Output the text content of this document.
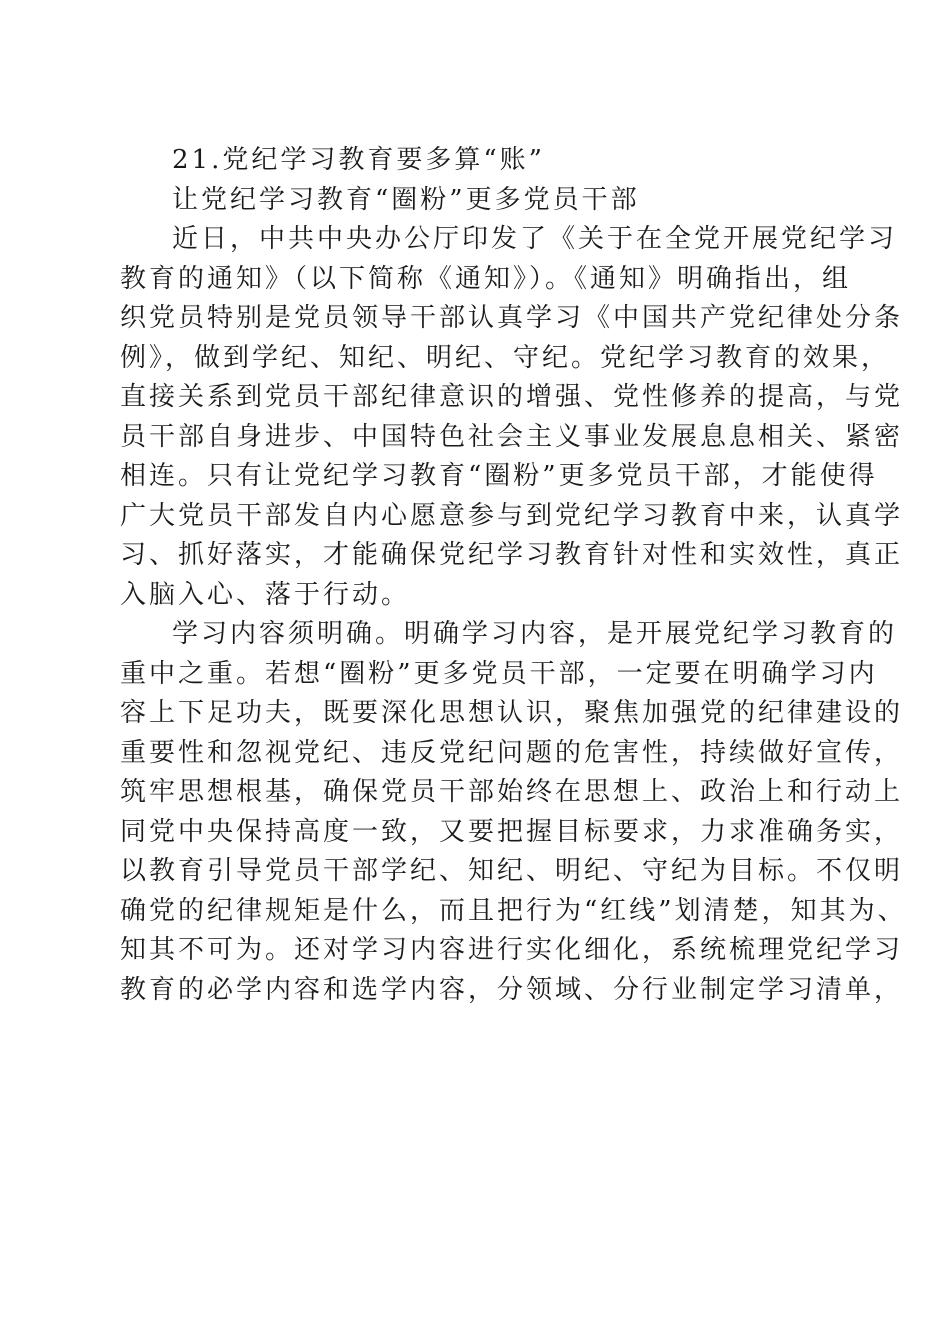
21.党纪学习教育要多算“账”
让党纪学习教育“圈粉”更多党员干部
近日，中共中央办公厅印发了《关于在全党开展党纪学习
教育的通知》（以下简称《通知》）。《通知》明确指出，组
织党员特别是党员领导干部认真学习《中国共产党纪律处分条
例》，做到学纪、知纪、明纪、守纪。党纪学习教育的效果，
直接关系到党员干部纪律意识的增强、党性修养的提高，与党
员干部自身进步、中国特色社会主义事业发展息息相关、紧密
相连。只有让党纪学习教育“圈粉”更多党员干部，才能使得
广大党员干部发自内心愿意参与到党纪学习教育中来，认真学
习、抓好落实，才能确保党纪学习教育针对性和实效性，真正
入脑入心、落于行动。
学习内容须明确。明确学习内容，是开展党纪学习教育的
重中之重。若想“圈粉”更多党员干部，一定要在明确学习内
容上下足功夫，既要深化思想认识，聚焦加强党的纪律建设的
重要性和忽视党纪、违反党纪问题的危害性，持续做好宣传，
筑牢思想根基，确保党员干部始终在思想上、政治上和行动上
同党中央保持高度一致，又要把握目标要求，力求准确务实，
以教育引导党员干部学纪、知纪、明纪、守纪为目标。不仅明
确党的纪律规矩是什么，而且把行为“红线”划清楚，知其为、
知其不可为。还对学习内容进行实化细化，系统梳理党纪学习
教育的必学内容和选学内容，分领域、分行业制定学习清单，
